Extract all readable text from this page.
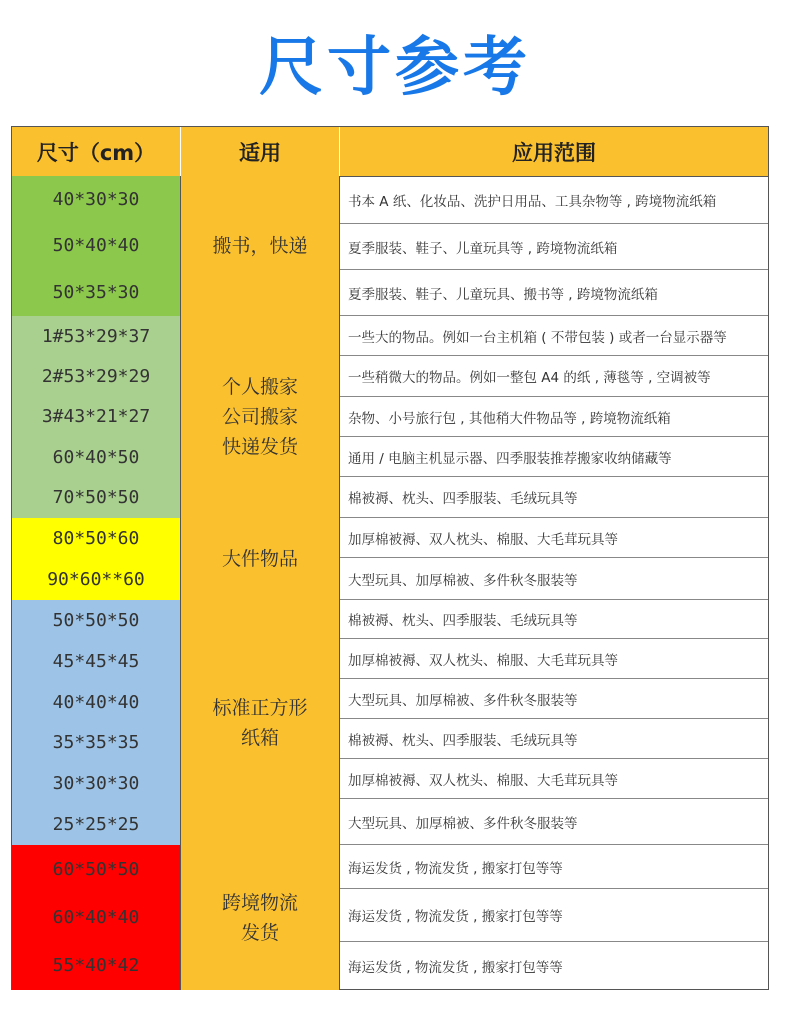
尺寸参考
尺寸（cm）	适用	应用范围
40*30*30
50*40*40
50*35*30
搬书，快递
1#53*29*37
2#53*29*29
3#43*21*27
60*40*50
70*50*50
个人搬家
公司搬家
快递发货
80*50*60
90*60**60
大件物品
50*50*50
45*45*45
40*40*40
35*35*35
30*30*30
25*25*25
标准正方形
纸箱
60*50*50
60*40*40
55*40*42
跨境物流
发货
书本 A 纸、化妆品、洗护日用品、工具杂物等 , 跨境物流纸箱
夏季服装、鞋子、儿童玩具等 , 跨境物流纸箱
夏季服装、鞋子、儿童玩具、搬书等 , 跨境物流纸箱
一些大的物品。例如一台主机箱 ( 不带包装 ) 或者一台显示器等
一些稍微大的物品。例如一整包 A4 的纸 , 薄毯等 , 空调被等
杂物、小号旅行包 , 其他稍大件物品等 , 跨境物流纸箱
通用 / 电脑主机显示器、四季服装推荐搬家收纳储藏等
棉被褥、枕头、四季服装、毛绒玩具等
加厚棉被褥、双人枕头、棉服、大毛茸玩具等
大型玩具、加厚棉被、多件秋冬服装等
棉被褥、枕头、四季服装、毛绒玩具等
加厚棉被褥、双人枕头、棉服、大毛茸玩具等
大型玩具、加厚棉被、多件秋冬服装等
棉被褥、枕头、四季服装、毛绒玩具等
加厚棉被褥、双人枕头、棉服、大毛茸玩具等
大型玩具、加厚棉被、多件秋冬服装等
海运发货 , 物流发货 , 搬家打包等等
海运发货 , 物流发货 , 搬家打包等等
海运发货 , 物流发货 , 搬家打包等等
